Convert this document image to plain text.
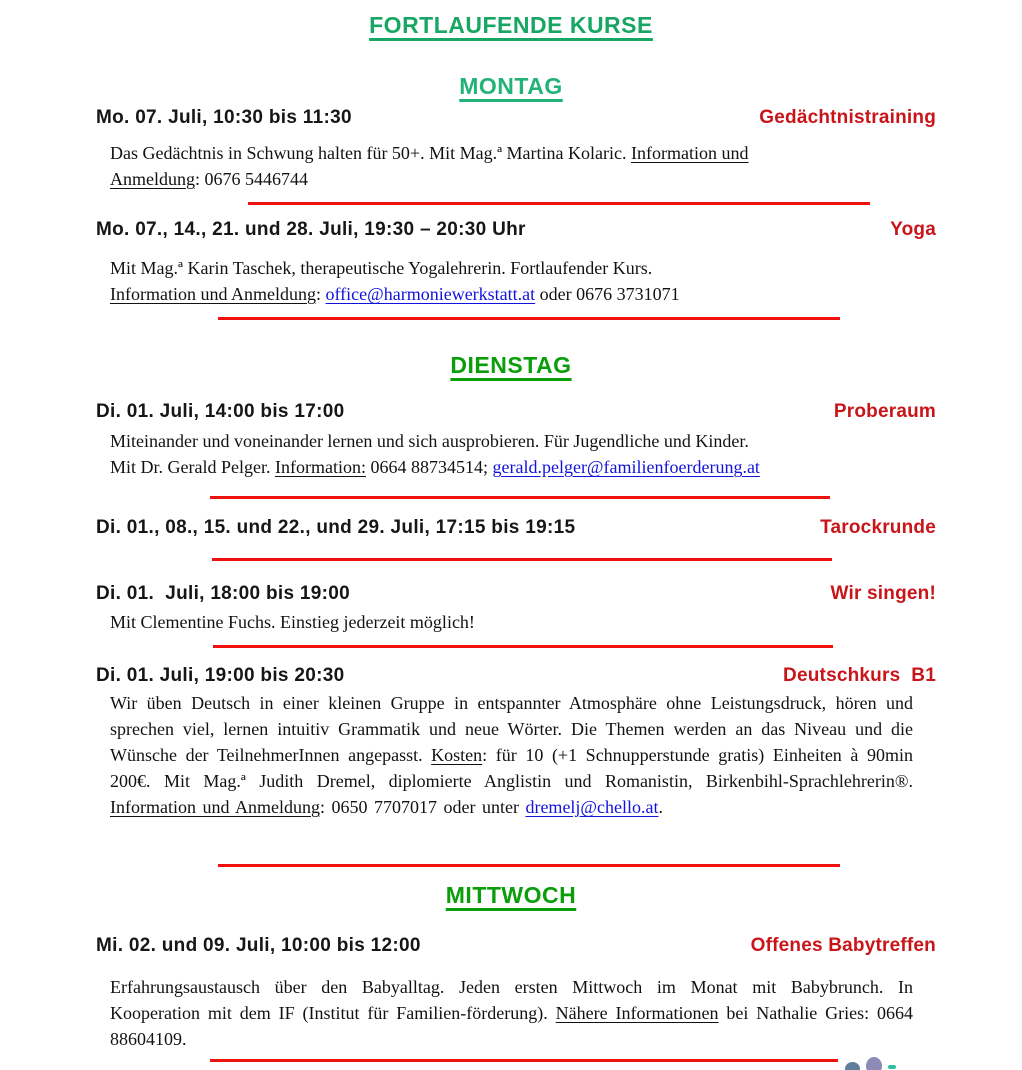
FORTLAUFENDE KURSE
MONTAG
Mo. 07. Juli, 10:30 bis 11:30	Gedächtnistraining

Das Gedächtnis in Schwung halten für 50+. Mit Mag.ª Martina Kolaric. Information und
Anmeldung: 0676 5446744

Mo. 07., 14., 21. und 28. Juli, 19:30 – 20:30 Uhr	Yoga

Mit Mag.ª Karin Taschek, therapeutische Yogalehrerin. Fortlaufender Kurs.
Information und Anmeldung: office@harmoniewerkstatt.at oder 0676 3731071

DIENSTAG
Di. 01. Juli, 14:00 bis 17:00	Proberaum

Miteinander und voneinander lernen und sich ausprobieren. Für Jugendliche und Kinder.
Mit Dr. Gerald Pelger. Information: 0664 88734514; gerald.pelger@familienfoerderung.at

Di. 01., 08., 15. und 22., und 29. Juli, 17:15 bis 19:15	Tarockrunde
Di. 01.  Juli, 18:00 bis 19:00	Wir singen!

Mit Clementine Fuchs. Einstieg jederzeit möglich!

Di. 01. Juli, 19:00 bis 20:30	Deutschkurs  B1

Wir üben Deutsch in einer kleinen Gruppe in entspannter Atmosphäre ohne Leistungsdruck, hören und sprechen viel, lernen intuitiv Grammatik und neue Wörter. Die Themen werden an das Niveau und die Wünsche der TeilnehmerInnen angepasst. Kosten: für 10 (+1 Schnupperstunde gratis) Einheiten à 90min 200€. Mit Mag.ª Judith Dremel, diplomierte Anglistin und Romanistin, Birkenbihl-Sprachlehrerin®. Information und Anmeldung: 0650 7707017 oder unter dremelj@chello.at.

MITTWOCH
Mi. 02. und 09. Juli, 10:00 bis 12:00	Offenes Babytreffen

Erfahrungsaustausch über den Babyalltag. Jeden ersten Mittwoch im Monat mit Babybrunch. In Kooperation mit dem IF (Institut für Familien-förderung). Nähere Informationen bei Nathalie Gries: 0664 88604109.
